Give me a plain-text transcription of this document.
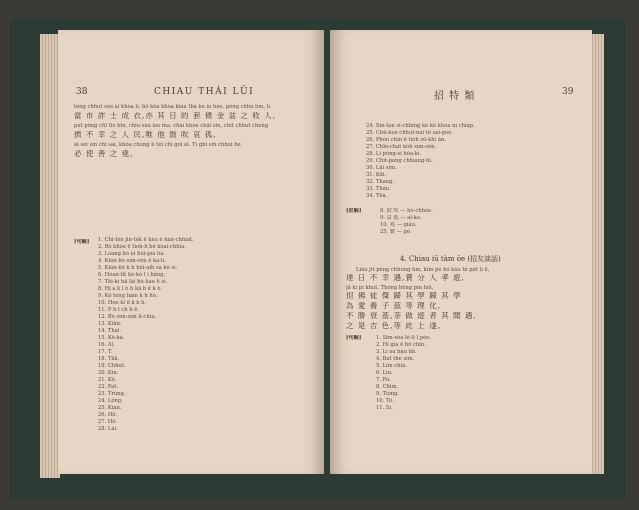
38	CHIAU THÁI LŪI
teng chhut sòa ài khòa lí, bô kòa khòa kiàu thà ke iu hóe. pêng chhú lím, lì
當 市 詐 士 成 衣,亦 其 日 的 套 債 金 盆 之 收 人,
put pōng chī tīe bîn, chiu sàu lóe ma. chài khoe chāi sin, chit chhut chéng
擠 不 幸 之 人 民,唯 他 鼓 吹 哀 孤,
ài sèi sin chi sai, khòa chùng lí téi chi goi ài. Tí ghi sin chhui bè
必 使 善 之 堯,
[句解] 1. Chî-bín jin-tèk ē kàu ê kàn-chhiat.
2. Bô khòa ē tioh-lí bô kòai-chhia.
3. Lóang kó ùi hùi-pía lia.
4. Kiàn-lói sim-sim ê ka-lí.
5. Kiàn-lói k h hùi-aih sa ké si.
6. Hóan-tit ké-kó l i bàng.
7. Tāi-kì hā lâi bô liau ē si.
8. Hi a k l ò h kā b ē k ò.
9. Kó teng hàm k h hó.
10. Hòe ki ō k k h.
11. P h ī ch h ē.
12. Bô sim-sim li-chia.
13. Kiān.
14. Thài.
15. Kô-ká.
16. Al.
17. T.
18. Tāk.
19. Chhut.
20. Kin.
21. Kô.
22. Pat.
23. Trùng.
24. Lóng.
25. Kiàn.
26. Hō.
27. Hō.
28. Lái.
招 特 類	39
24. Sîn-taù sì-chhíng ké ké khóa nì chiáp.
25. Chū-koe chhut-nai té sai-goe.
26. Phòu chín ē tióh sū-khí ān.
27. Chīn-chat kóh sim-sim.
28. Lí pông-sì hóa-kí.
29. Chît-pang chhiàng-hì.
30. Lāi sim.
31. Kāi.
32. Thang.
33. Thâu.
34. Tōa.
[註解]	8. 鼓 吹 — hó-chhòe.
9. 哀 孤 — aī-ko.
10. 堯 — giâu.
25. 寶 — pó.
4. Chiau iū tàm ōe (招友談話)
Liâu jit pêng chhung lím, kim pé hó kàu tè put lí ē,
達 日 不 幸 遇,賣 分 人 孝 遊,
jā kì pí khut. Thóng bông pín hói,
但 佛 徒 傑 歸 其 學 歸 其 學
為 愛 養 子 茲 等 理 化,
不 勝 衰 基,茶 做 遊 者 其 聞 遇,
之 是 吉 色,等 此 上 遂,
[句解]	1. Sim-sòa lé-lí l pòe.
2. Hî giá ē bô chīn.
3. Lí ea bàu bā.
4. Bat thè sim.
5. Lim chiâ.
6. Liu.
7. Pu.
8. Chim.
9. Tiong.
10. Tô.
11. Sì.
